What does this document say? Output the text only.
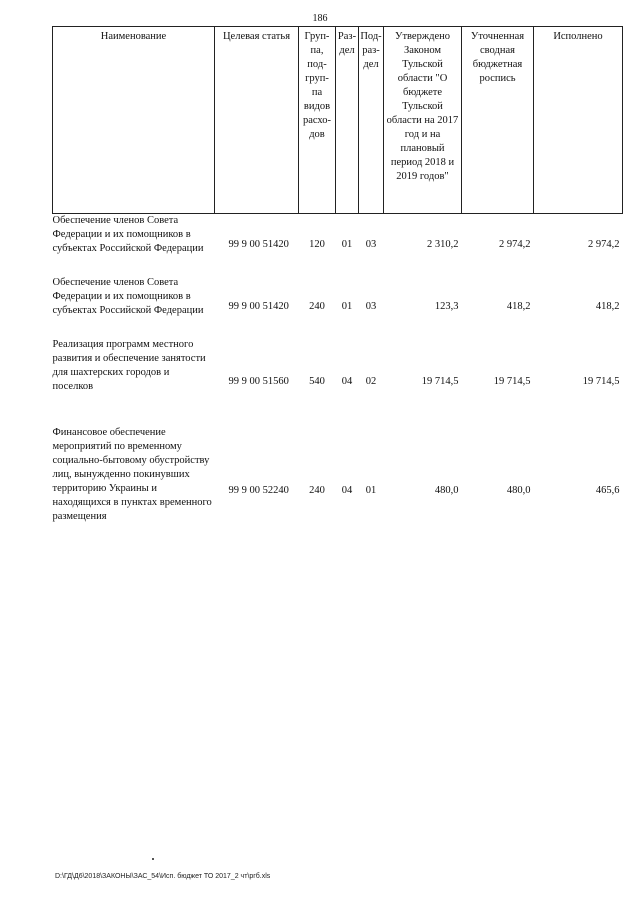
186
Наименование	Целевая статья	Груп-па, под-груп-па видов расхо-дов	Раз-дел	Под-раз-дел	Утверждено Законом Тульской области "О бюджете Тульской области на 2017 год и на плановый период 2018 и 2019 годов"	Уточненная сводная бюджетная роспись	Исполнено
Обеспечение членов Совета Федерации и их помощников в субъектах Российской Федерации	99 9 00 51420	120	01	03	2 310,2	2 974,2	2 974,2
Обеспечение членов Совета Федерации и их помощников в субъектах Российской Федерации	99 9 00 51420	240	01	03	123,3	418,2	418,2
Реализация программ местного развития и обеспечение занятости для шахтерских городов и поселков	99 9 00 51560	540	04	02	19 714,5	19 714,5	19 714,5
Финансовое обеспечение мероприятий по временному социально-бытовому обустройству лиц, вынужденно покинувших территорию Украины и находящихся в пунктах временного размещения	99 9 00 52240	240	04	01	480,0	480,0	465,6
D:\ГД\Д6\2018\ЗАКОНЫ\ЗАС_54\Исп. бюджет ТО 2017_2 чт\ргб.xls
